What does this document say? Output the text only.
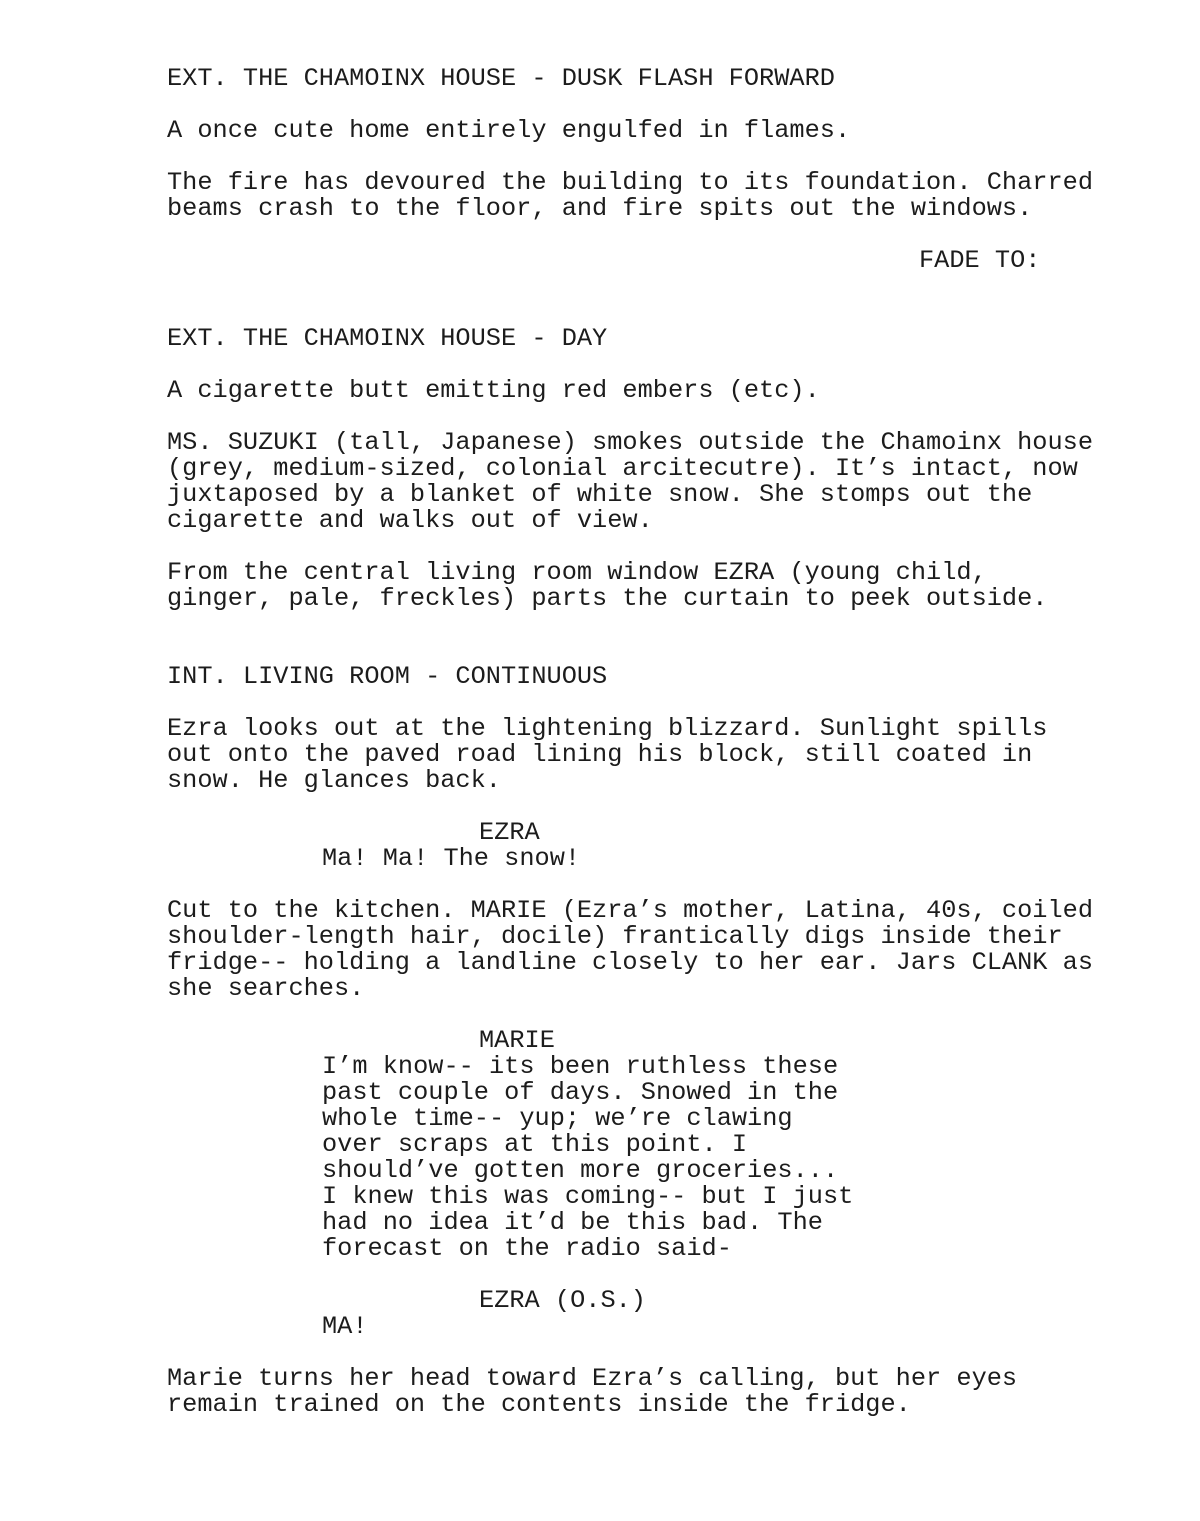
EXT. THE CHAMOINX HOUSE - DUSK FLASH FORWARD

A once cute home entirely engulfed in flames.

The fire has devoured the building to its foundation. Charred
beams crash to the floor, and fire spits out the windows.

FADE TO:

EXT. THE CHAMOINX HOUSE - DAY

A cigarette butt emitting red embers (etc).

MS. SUZUKI (tall, Japanese) smokes outside the Chamoinx house
(grey, medium-sized, colonial arcitecutre). It’s intact, now
juxtaposed by a blanket of white snow. She stomps out the
cigarette and walks out of view.

From the central living room window EZRA (young child,
ginger, pale, freckles) parts the curtain to peek outside.

INT. LIVING ROOM - CONTINUOUS

Ezra looks out at the lightening blizzard. Sunlight spills
out onto the paved road lining his block, still coated in
snow. He glances back.

EZRA

Ma! Ma! The snow!

Cut to the kitchen. MARIE (Ezra’s mother, Latina, 40s, coiled
shoulder-length hair, docile) frantically digs inside their
fridge-- holding a landline closely to her ear. Jars CLANK as
she searches.

MARIE

I’m know-- its been ruthless these
past couple of days. Snowed in the
whole time-- yup; we’re clawing
over scraps at this point. I
should’ve gotten more groceries...
I knew this was coming-- but I just
had no idea it’d be this bad. The
forecast on the radio said-

EZRA (O.S.)

MA!

Marie turns her head toward Ezra’s calling, but her eyes
remain trained on the contents inside the fridge.
